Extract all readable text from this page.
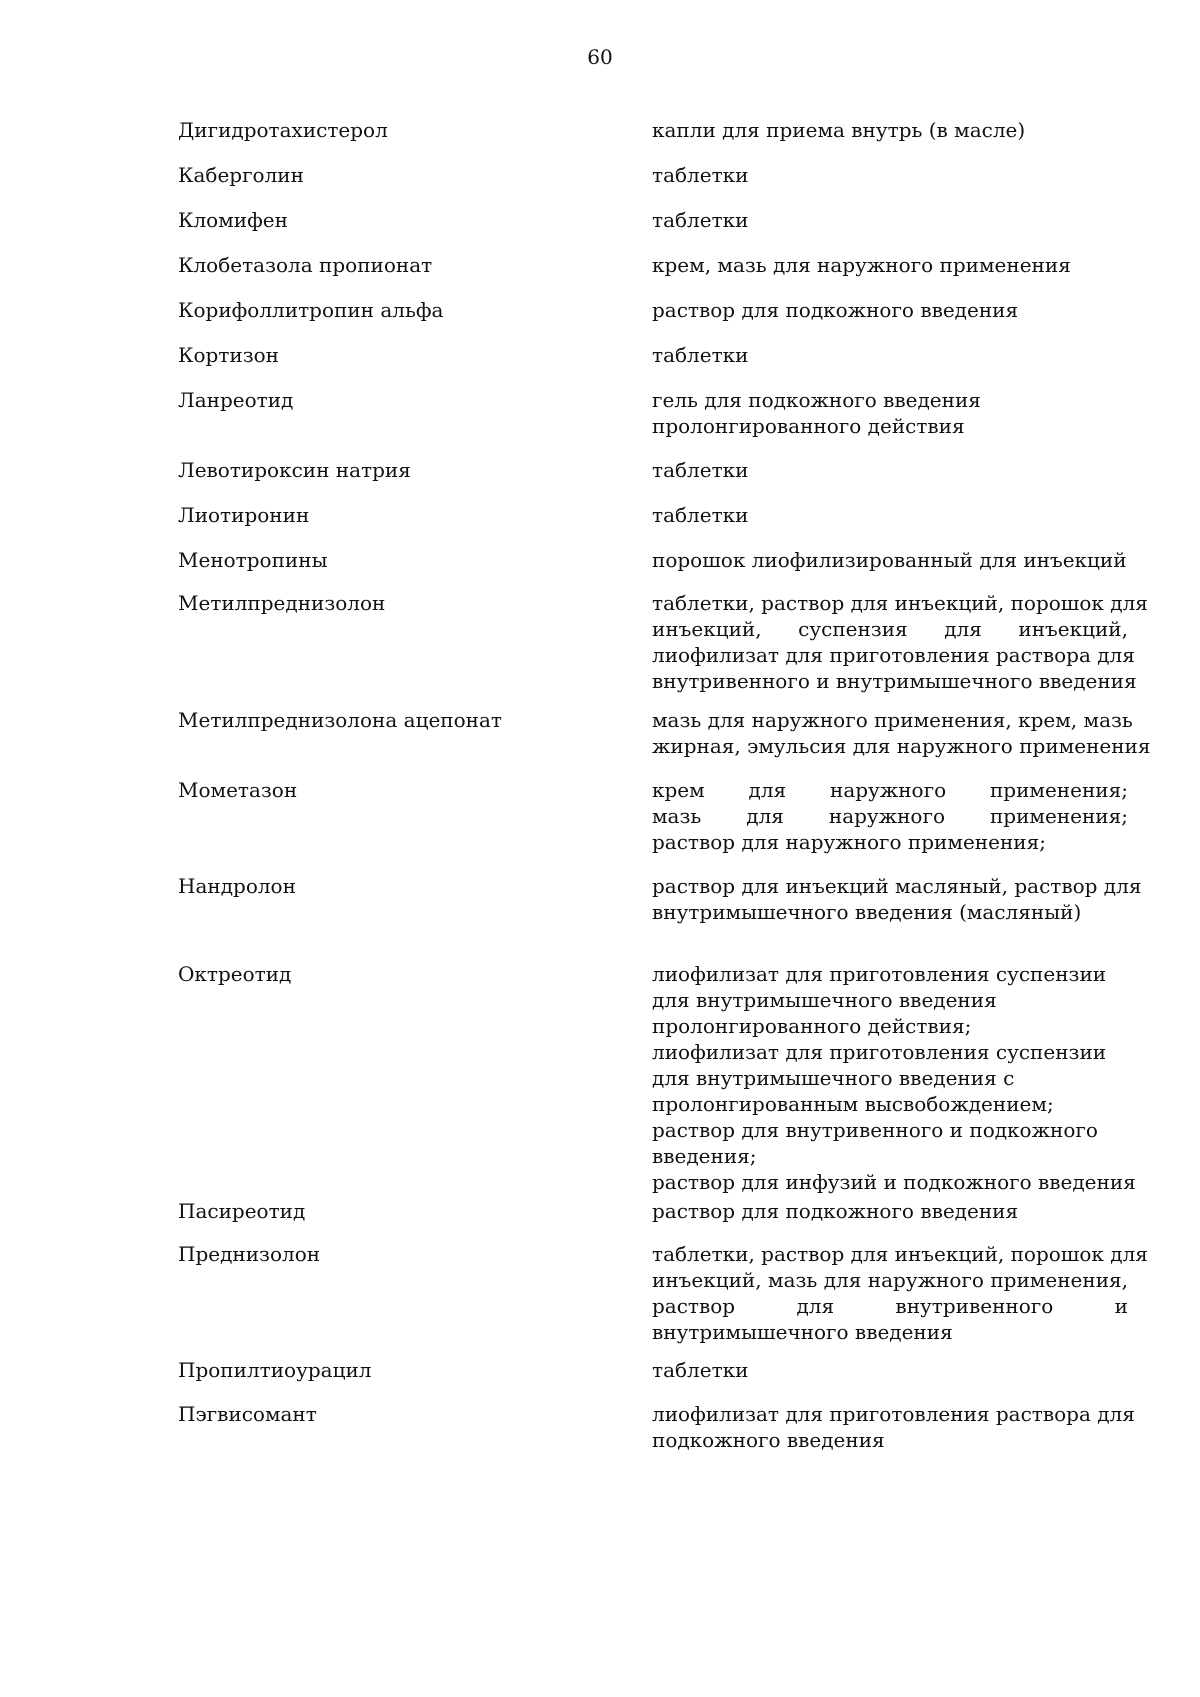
60
Дигидротахистерол	капли для приема внутрь (в масле)
Каберголин	таблетки
Кломифен	таблетки
Клобетазола пропионат	крем, мазь для наружного применения
Корифоллитропин альфа	раствор для подкожного введения
Кортизон	таблетки
Ланреотид	гель для подкожного введения
пролонгированного действия
Левотироксин натрия	таблетки
Лиотиронин	таблетки
Менотропины	порошок лиофилизированный для инъекций
Метилпреднизолон	таблетки, раствор для инъекций, порошок для
инъекций, суспензия для инъекций,
лиофилизат для приготовления раствора для
внутривенного и внутримышечного введения
Метилпреднизолона ацепонат	мазь для наружного применения, крем, мазь
жирная, эмульсия для наружного применения
Мометазон	крем для наружного применения;
мазь для наружного применения;
раствор для наружного применения;
Нандролон	раствор для инъекций масляный, раствор для
внутримышечного введения (масляный)
Октреотид	лиофилизат для приготовления суспензии
для внутримышечного введения
пролонгированного действия;
лиофилизат для приготовления суспензии
для внутримышечного введения с
пролонгированным высвобождением;
раствор для внутривенного и подкожного
введения;
раствор для инфузий и подкожного введения
Пасиреотид	раствор для подкожного введения
Преднизолон	таблетки, раствор для инъекций, порошок для
инъекций, мазь для наружного применения,
раствор для внутривенного и
внутримышечного введения
Пропилтиоурацил	таблетки
Пэгвисомант	лиофилизат для приготовления раствора для
подкожного введения
